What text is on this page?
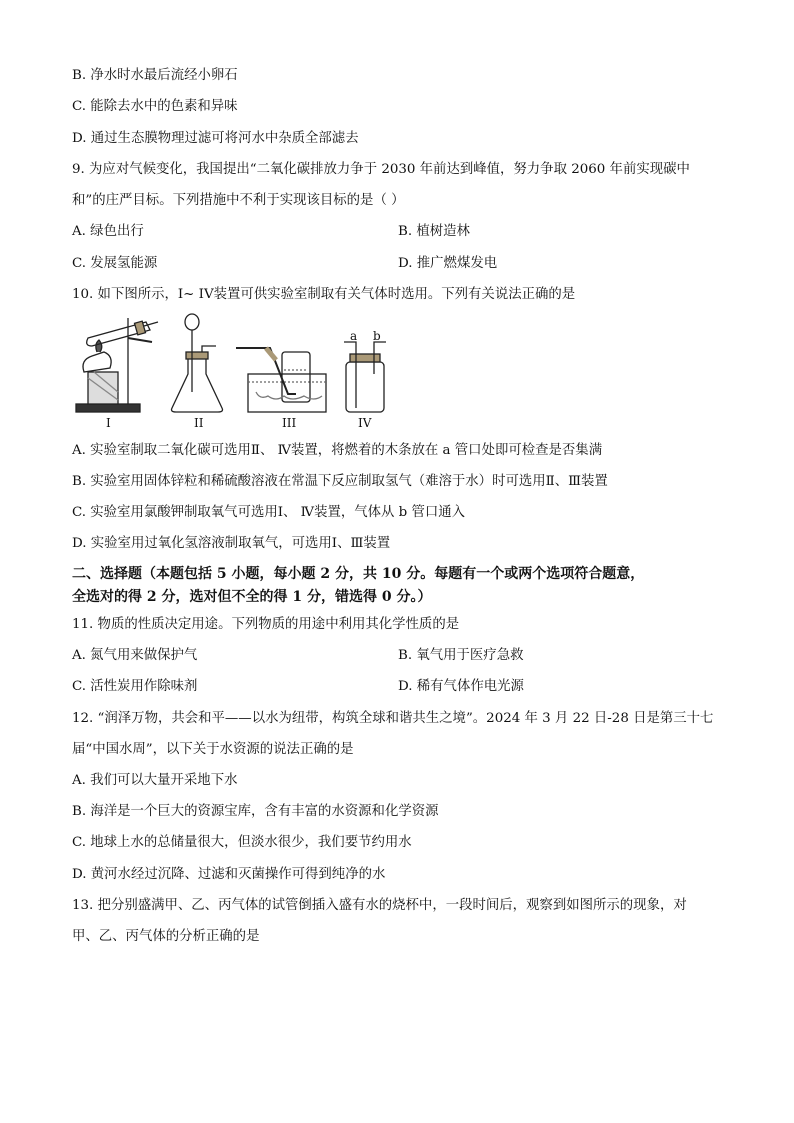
B. 净水时水最后流经小卵石
C. 能除去水中的色素和异味
D. 通过生态膜物理过滤可将河水中杂质全部滤去
9. 为应对气候变化，我国提出“二氧化碳排放力争于 2030 年前达到峰值，努力争取 2060 年前实现碳中
和”的庄严目标。下列措施中不利于实现该目标的是（ ）
A. 绿色出行	B. 植树造林
C. 发展氢能源	D. 推广燃煤发电
10. 如下图所示，I~ IV装置可供实验室制取有关气体时选用。下列有关说法正确的是
a b
I	II	III	IV
A. 实验室制取二氧化碳可选用Ⅱ、 Ⅳ装置，将燃着的木条放在 a 管口处即可检查是否集满
B. 实验室用固体锌粒和稀硫酸溶液在常温下反应制取氢气（难溶于水）时可选用Ⅱ、Ⅲ装置
C. 实验室用氯酸钾制取氧气可选用Ⅰ、 Ⅳ装置，气体从 b 管口通入
D. 实验室用过氧化氢溶液制取氧气，可选用Ⅰ、Ⅲ装置
二、选择题（本题包括 5 小题，每小题 2 分，共 10 分。每题有一个或两个选项符合题意，
全选对的得 2 分，选对但不全的得 1 分，错选得 0 分。）
11. 物质的性质决定用途。下列物质的用途中利用其化学性质的是
A. 氮气用来做保护气	B. 氧气用于医疗急救
C. 活性炭用作除味剂	D. 稀有气体作电光源
12. “润泽万物，共会和平——以水为纽带，构筑全球和谐共生之境”。2024 年 3 月 22 日-28 日是第三十七
届“中国水周”，以下关于水资源的说法正确的是
A. 我们可以大量开采地下水
B. 海洋是一个巨大的资源宝库，含有丰富的水资源和化学资源
C. 地球上水的总储量很大，但淡水很少，我们要节约用水
D. 黄河水经过沉降、过滤和灭菌操作可得到纯净的水
13. 把分别盛满甲、乙、丙气体的试管倒插入盛有水的烧杯中，一段时间后，观察到如图所示的现象，对
甲、乙、丙气体的分析正确的是
